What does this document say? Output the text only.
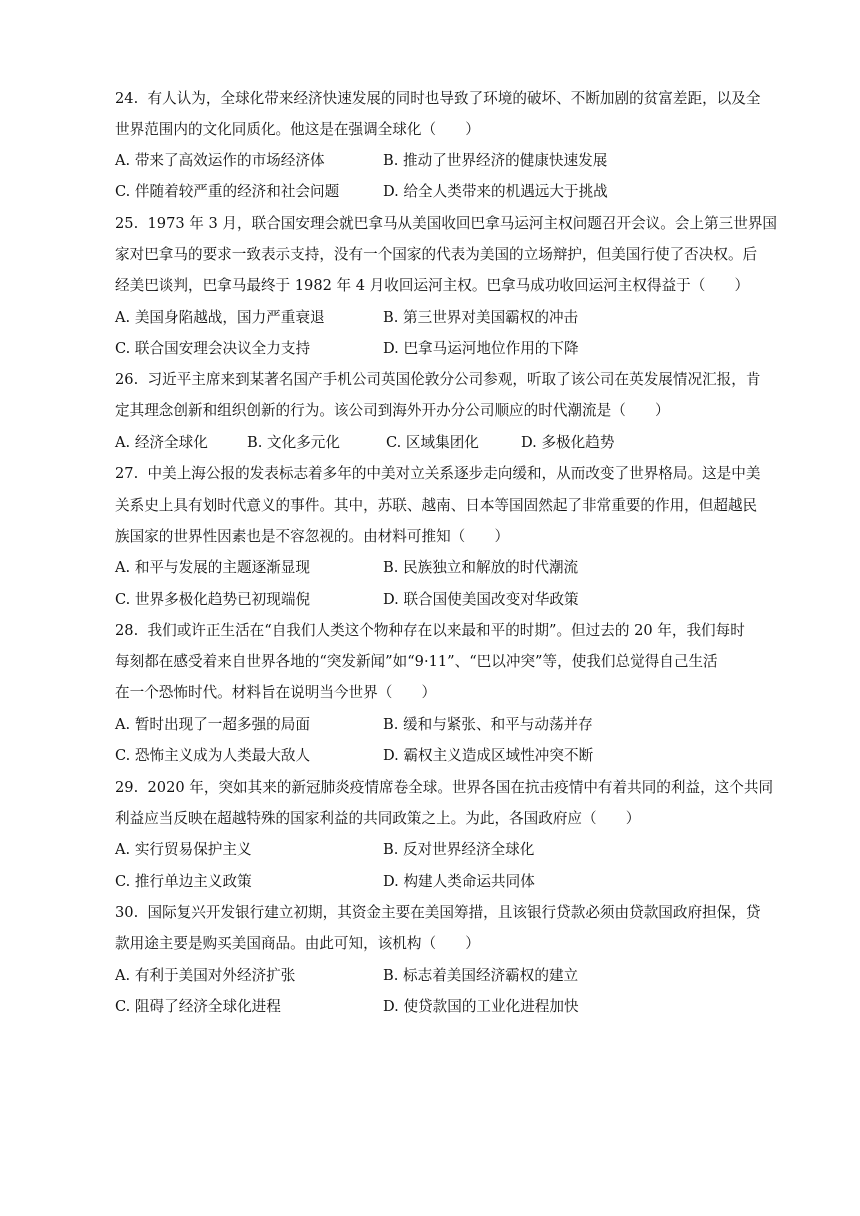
24. 有人认为，全球化带来经济快速发展的同时也导致了环境的破坏、不断加剧的贫富差距，以及全
世界范围内的文化同质化。他这是在强调全球化（　　）
A. 带来了高效运作的市场经济体	B. 推动了世界经济的健康快速发展
C. 伴随着较严重的经济和社会问题	D. 给全人类带来的机遇远大于挑战
25. 1973 年 3 月，联合国安理会就巴拿马从美国收回巴拿马运河主权问题召开会议。会上第三世界国
家对巴拿马的要求一致表示支持，没有一个国家的代表为美国的立场辩护，但美国行使了否决权。后
经美巴谈判，巴拿马最终于 1982 年 4 月收回运河主权。巴拿马成功收回运河主权得益于（　　）
A. 美国身陷越战，国力严重衰退	B. 第三世界对美国霸权的冲击
C. 联合国安理会决议全力支持	D. 巴拿马运河地位作用的下降
26. 习近平主席来到某著名国产手机公司英国伦敦分公司参观，听取了该公司在英发展情况汇报，肯
定其理念创新和组织创新的行为。该公司到海外开办分公司顺应的时代潮流是（　　）
A. 经济全球化	B. 文化多元化	C. 区域集团化	D. 多极化趋势
27. 中美上海公报的发表标志着多年的中美对立关系逐步走向缓和，从而改变了世界格局。这是中美
关系史上具有划时代意义的事件。其中，苏联、越南、日本等国固然起了非常重要的作用，但超越民
族国家的世界性因素也是不容忽视的。由材料可推知（　　）
A. 和平与发展的主题逐渐显现	B. 民族独立和解放的时代潮流
C. 世界多极化趋势已初现端倪	D. 联合国使美国改变对华政策
28. 我们或许正生活在“自我们人类这个物种存在以来最和平的时期”。但过去的 20 年，我们每时
每刻都在感受着来自世界各地的“突发新闻”如“9·11”、“巴以冲突”等，使我们总觉得自己生活
在一个恐怖时代。材料旨在说明当今世界（　　）
A. 暂时出现了一超多强的局面	B. 缓和与紧张、和平与动荡并存
C. 恐怖主义成为人类最大敌人	D. 霸权主义造成区域性冲突不断
29. 2020 年，突如其来的新冠肺炎疫情席卷全球。世界各国在抗击疫情中有着共同的利益，这个共同
利益应当反映在超越特殊的国家利益的共同政策之上。为此，各国政府应（　　）
A. 实行贸易保护主义	B. 反对世界经济全球化
C. 推行单边主义政策	D. 构建人类命运共同体
30. 国际复兴开发银行建立初期，其资金主要在美国筹措，且该银行贷款必须由贷款国政府担保，贷
款用途主要是购买美国商品。由此可知，该机构（　　）
A. 有利于美国对外经济扩张	B. 标志着美国经济霸权的建立
C. 阻碍了经济全球化进程	D. 使贷款国的工业化进程加快
